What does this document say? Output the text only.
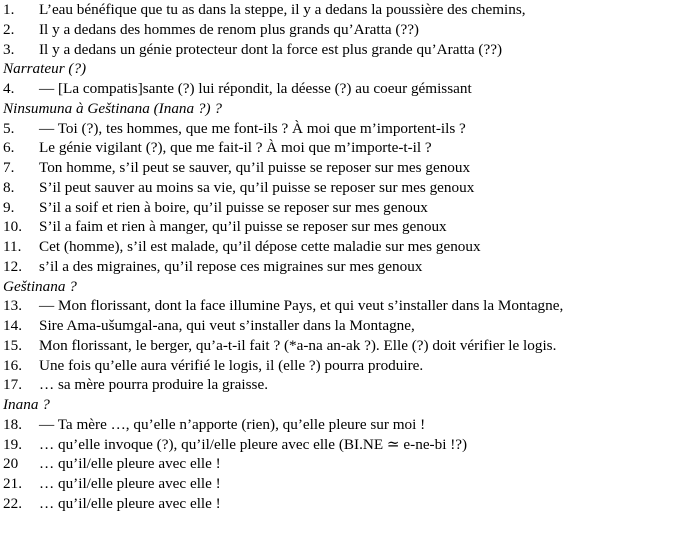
1.	L’eau bénéfique que tu as dans la steppe, il y a dedans la poussière des chemins,
2.	Il y a dedans des hommes de renom plus grands qu’Aratta (??)
3.	Il y a dedans un génie protecteur dont la force est plus grande qu’Aratta (??)
Narrateur (?)
4.	— [La compatis]sante (?) lui répondit, la déesse (?) au coeur gémissant
Ninsumuna à Geštinana (Inana ?) ?
5.	— Toi (?), tes hommes, que me font-ils ? À moi que m’importent-ils ?
6.	Le génie vigilant (?), que me fait-il ? À moi que m’importe-t-il ?
7.	Ton homme, s’il peut se sauver, qu’il puisse se reposer sur mes genoux
8.	S’il peut sauver au moins sa vie, qu’il puisse se reposer sur mes genoux
9.	S’il a soif et rien à boire, qu’il puisse se reposer sur mes genoux
10.	S’il a faim et rien à manger, qu’il puisse se reposer sur mes genoux
11.	Cet (homme), s’il est malade, qu’il dépose cette maladie sur mes genoux
12.	s’il a des migraines, qu’il repose ces migraines sur mes genoux
Geštinana ?
13.	— Mon florissant, dont la face illumine Pays, et qui veut s’installer dans la Montagne,
14.	Sire Ama-ušumgal-ana, qui veut s’installer dans la Montagne,
15.	Mon florissant, le berger, qu’a-t-il fait ? (*a-na an-ak ?). Elle (?) doit vérifier le logis.
16.	Une fois qu’elle aura vérifié le logis, il (elle ?) pourra produire.
17.	… sa mère pourra produire la graisse.
Inana ?
18.	— Ta mère …, qu’elle n’apporte (rien), qu’elle pleure sur moi !
19.	… qu’elle invoque (?), qu’il/elle pleure avec elle (BI.NE ≃ e-ne-bi !?)
20	… qu’il/elle pleure avec elle !
21.	… qu’il/elle pleure avec elle !
22.	… qu’il/elle pleure avec elle !
